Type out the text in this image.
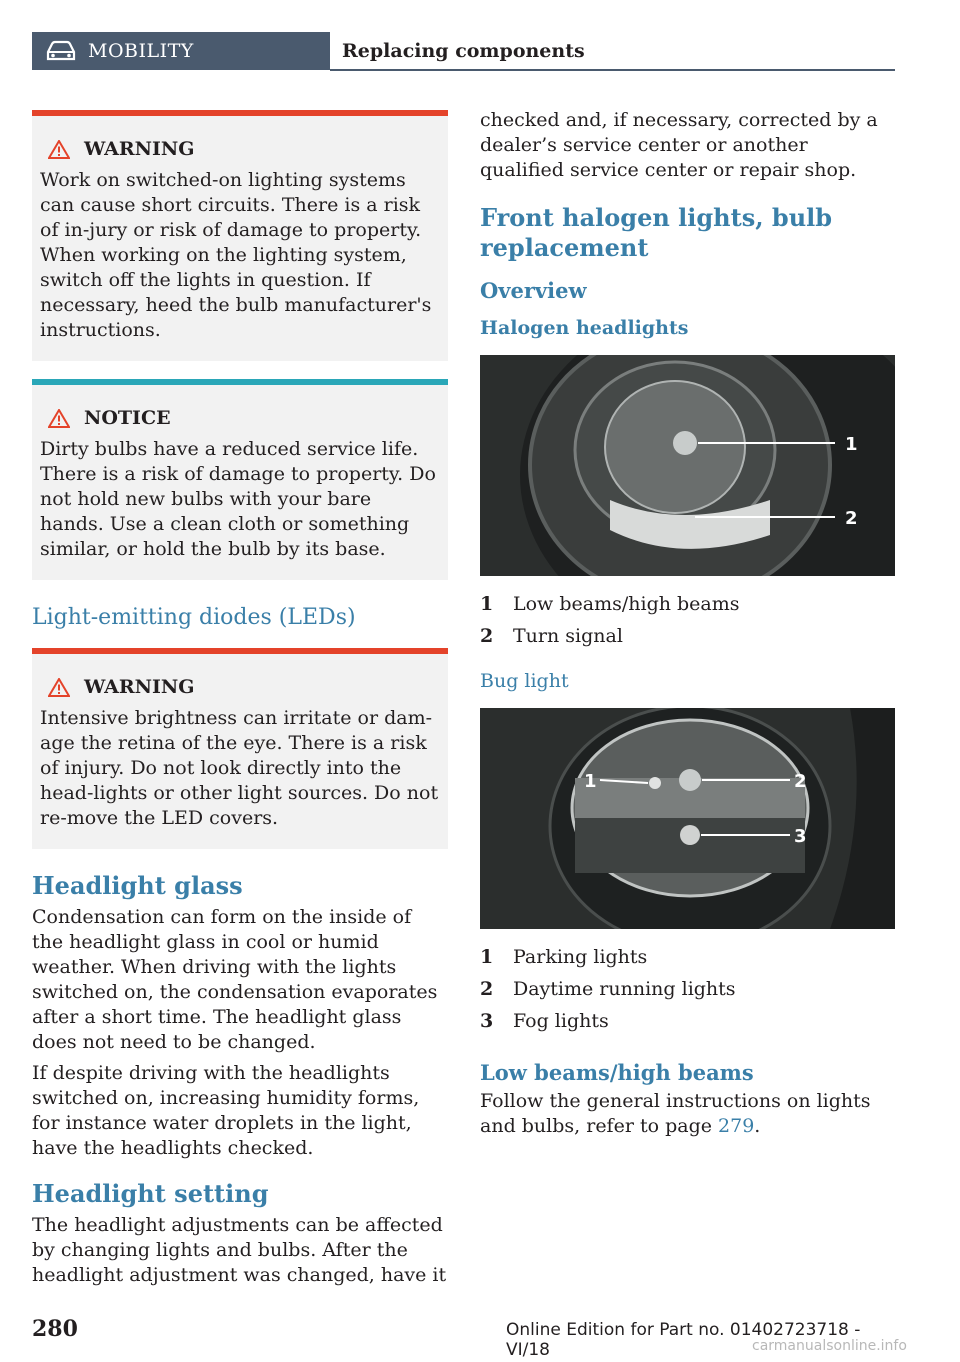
MOBILITY	Replacing components
WARNING

Work on switched-on lighting systems can cause short circuits. There is a risk of in-jury or risk of damage to property. When working on the lighting system, switch off the lights in question. If necessary, heed the bulb manufacturer's instructions.

NOTICE

Dirty bulbs have a reduced service life. There is a risk of damage to property. Do not hold new bulbs with your bare hands. Use a clean cloth or something similar, or hold the bulb by its base.

Light-emitting diodes (LEDs)
WARNING

Intensive brightness can irritate or dam-age the retina of the eye. There is a risk of injury. Do not look directly into the head-lights or other light sources. Do not re-move the LED covers.

Headlight glass

Condensation can form on the inside of the headlight glass in cool or humid weather. When driving with the lights switched on, the condensation evaporates after a short time. The headlight glass does not need to be changed.

If despite driving with the headlights switched on, increasing humidity forms, for instance water droplets in the light, have the headlights checked.

Headlight setting

The headlight adjustments can be affected by changing lights and bulbs. After the headlight adjustment was changed, have it

checked and, if necessary, corrected by a dealer’s service center or another qualified service center or repair shop.

Front halogen lights, bulb replacement
Overview
Halogen headlights
1
2
1	Low beams/high beams
2	Turn signal
Bug light
1	2
3
1	Parking lights
2	Daytime running lights
3	Fog lights
Low beams/high beams

Follow the general instructions on lights and bulbs, refer to page 279.

280	Online Edition for Part no. 01402723718 - VI/18	carmanualsonline.info
